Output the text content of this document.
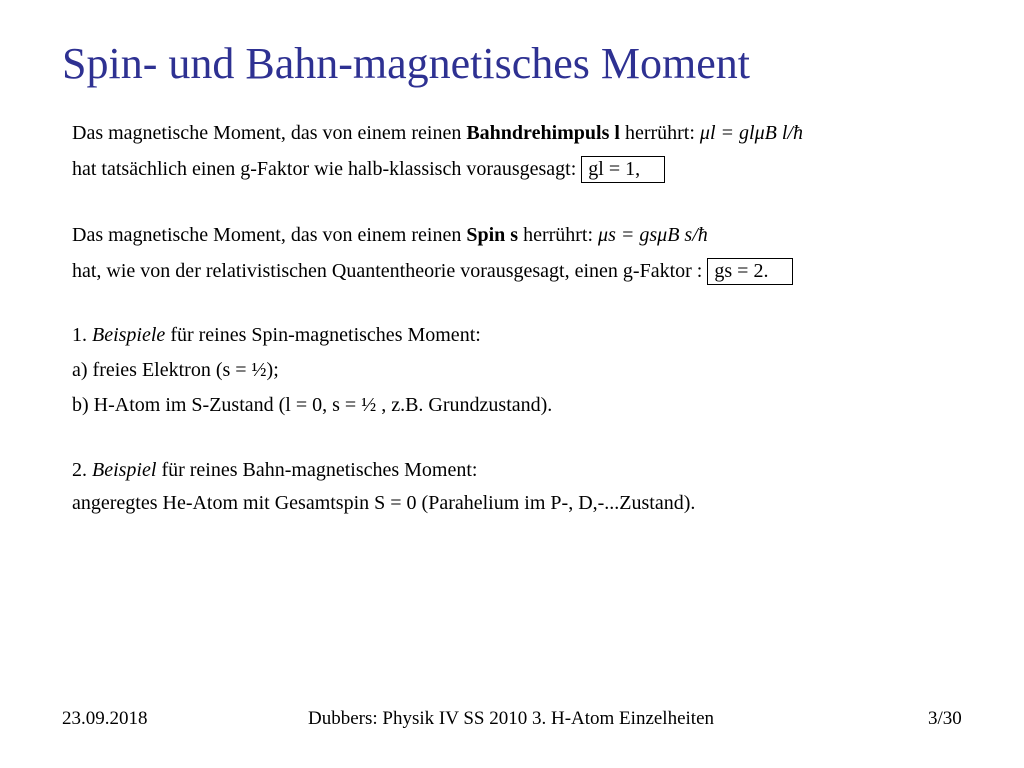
Spin- und Bahn-magnetisches Moment
Das magnetische Moment, das von einem reinen Bahndrehimpuls l herrührt: μl = glμB l/ħ
hat tatsächlich einen g-Faktor wie halb-klassisch vorausgesagt: gl = 1,
Das magnetische Moment, das von einem reinen Spin s herrührt: μs = gsμB s/ħ
hat, wie von der relativistischen Quantentheorie vorausgesagt, einen g-Faktor : gs = 2.
1. Beispiele für reines Spin-magnetisches Moment:
a) freies Elektron (s = ½);
b) H-Atom im S-Zustand (l = 0, s = ½ , z.B. Grundzustand).
2. Beispiel für reines Bahn-magnetisches Moment:
angeregtes He-Atom mit Gesamtspin S = 0 (Parahelium im P-, D,-...Zustand).
23.09.2018	Dubbers: Physik IV SS 2010 3. H-Atom Einzelheiten	3/30
